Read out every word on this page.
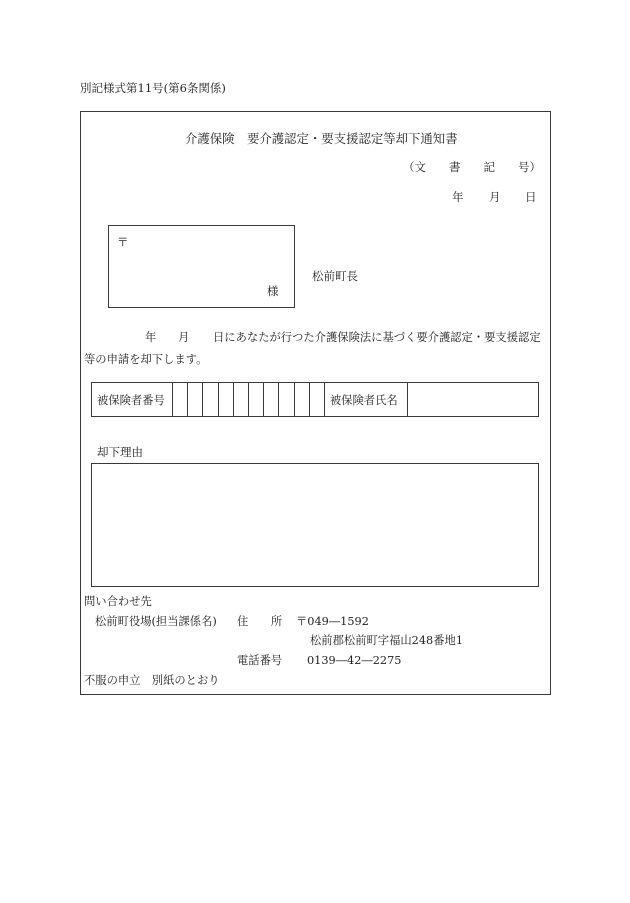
別記様式第11号(第6条関係)
介護保険　要介護認定・要支援認定等却下通知書
（文　　書　　記　　号）
年 月 日
〒
様
松前町長
年 月 日にあなたが行つた介護保険法に基づく要介護認定・要支援認定
等の申請を却下します。
被保険者番号	被保険者氏名
却下理由
問い合わせ先
松前町役場(担当課係名) 住　　所 〒049―1592
松前郡松前町字福山248番地1
電話番号 0139―42―2275
不服の申立　別紙のとおり
